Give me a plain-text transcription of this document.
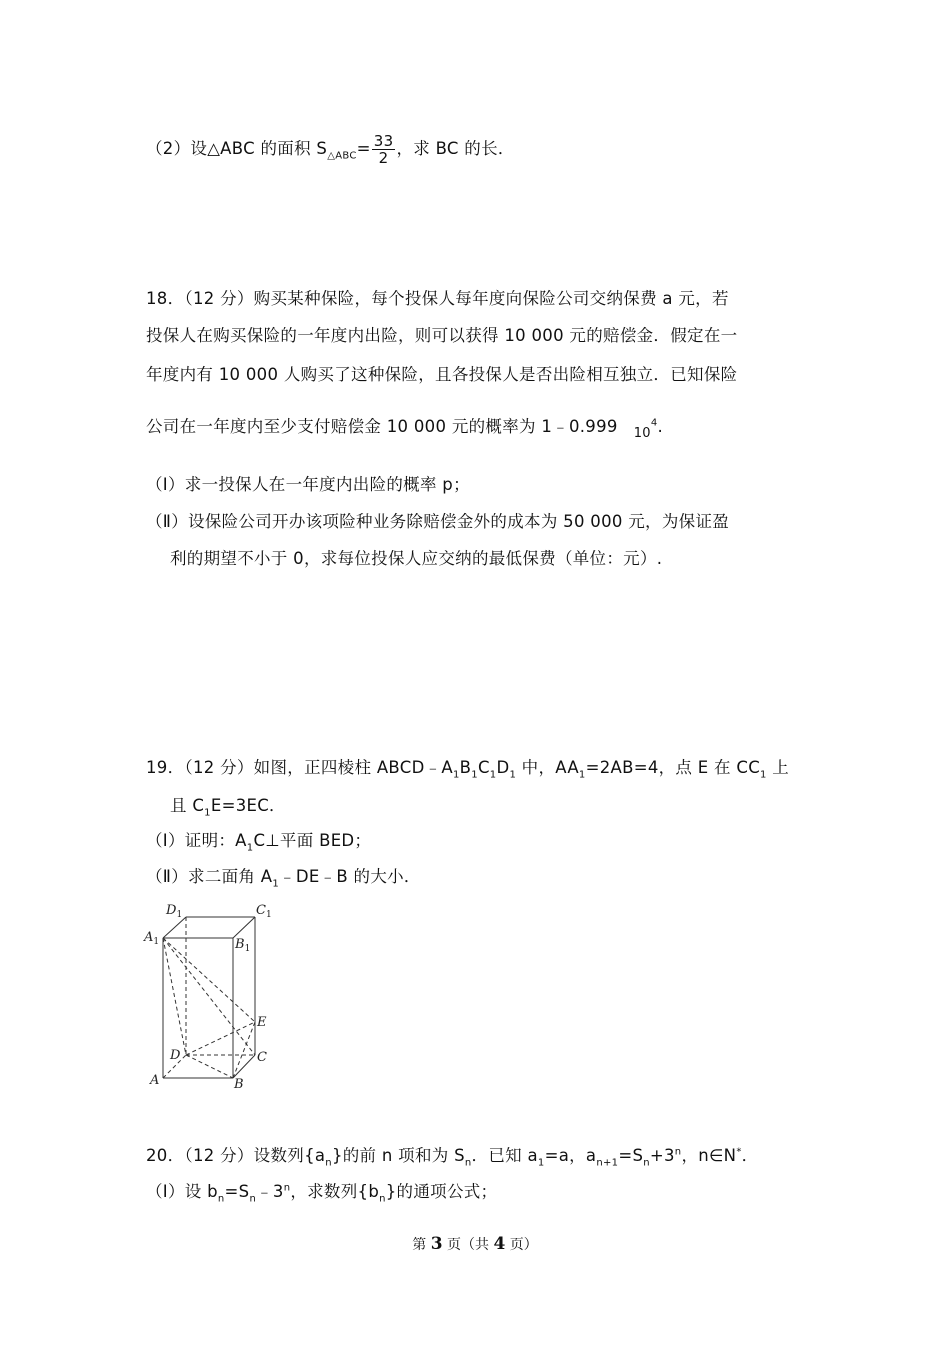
（2）设△ABC 的面积 $S_{\triangle ABC}= \frac{33}{2}$ ，求 BC 的长．
18．（12 分）购买某种保险，每个投保人每年度向保险公司交纳保费 a 元，若
投保人在购买保险的一年度内出险，则可以获得 10 000 元的赔偿金．假定在一
年度内有 10 000 人购买了这种保险，且各投保人是否出险相互独立．已知保险
公司在一年度内至少支付赔偿金 10 000 元的概率为 1﹣0.999 $10^4$.
（Ⅰ）求一投保人在一年度内出险的概率 p；
（Ⅱ）设保险公司开办该项险种业务除赔偿金外的成本为 50 000 元，为保证盈
利的期望不小于 0，求每位投保人应交纳的最低保费（单位：元）.
19．（12 分）如图，正四棱柱 $ABCD﹣A_1B_1C_1D_1$ 中，$AA_1=2AB=4$，点 E 在 $CC_1$ 上
且 $C_1E=3EC$．
（Ⅰ）证明：$A_1C\perp$平面 BED；
（Ⅱ）求二面角 $A_1﹣DE﹣B$ 的大小．
$D_1$	$C_1$
$A_1$	$B_1$
E
D	C
A	B
20．（12 分）设数列$\{a_n\}$的前 n 项和为 $S_n$．已知 $a_1=a$，$a_{n+1}=S_n+3^n$，n∈N*．
（Ⅰ）设 $b_n=S_n﹣3^n$，求数列$\{b_n\}$的通项公式；
第 3 页（共 4 页）
